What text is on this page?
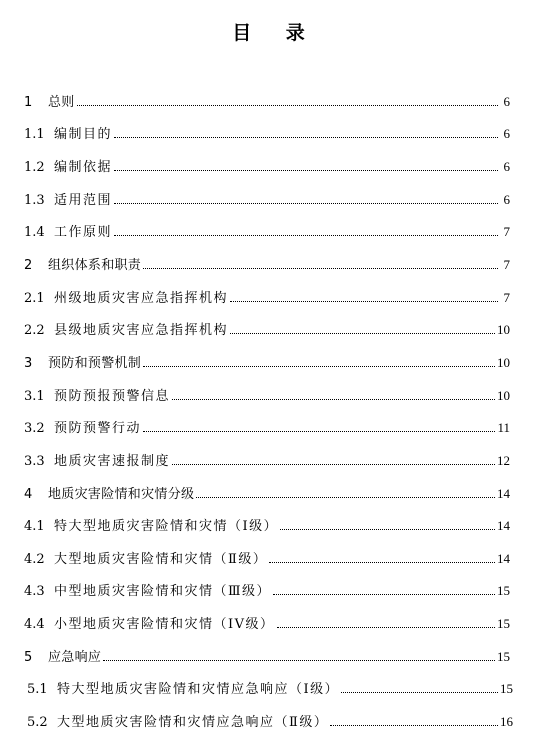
目 录
1	总则	6
1.1 编制目的	6
1.2 编制依据	6
1.3 适用范围	6
1.4 工作原则	7
2	组织体系和职责	7
2.1 州级地质灾害应急指挥机构	7
2.2 县级地质灾害应急指挥机构	10
3	预防和预警机制	10
3.1 预防预报预警信息	10
3.2 预防预警行动	11
3.3 地质灾害速报制度	12
4	地质灾害险情和灾情分级	14
4.1 特大型地质灾害险情和灾情（I级）	14
4.2 大型地质灾害险情和灾情（Ⅱ级）	14
4.3 中型地质灾害险情和灾情（Ⅲ级）	15
4.4 小型地质灾害险情和灾情（IV级）	15
5	应急响应	15
5.1 特大型地质灾害险情和灾情应急响应（I级）	15
5.2 大型地质灾害险情和灾情应急响应（Ⅱ级）	16
